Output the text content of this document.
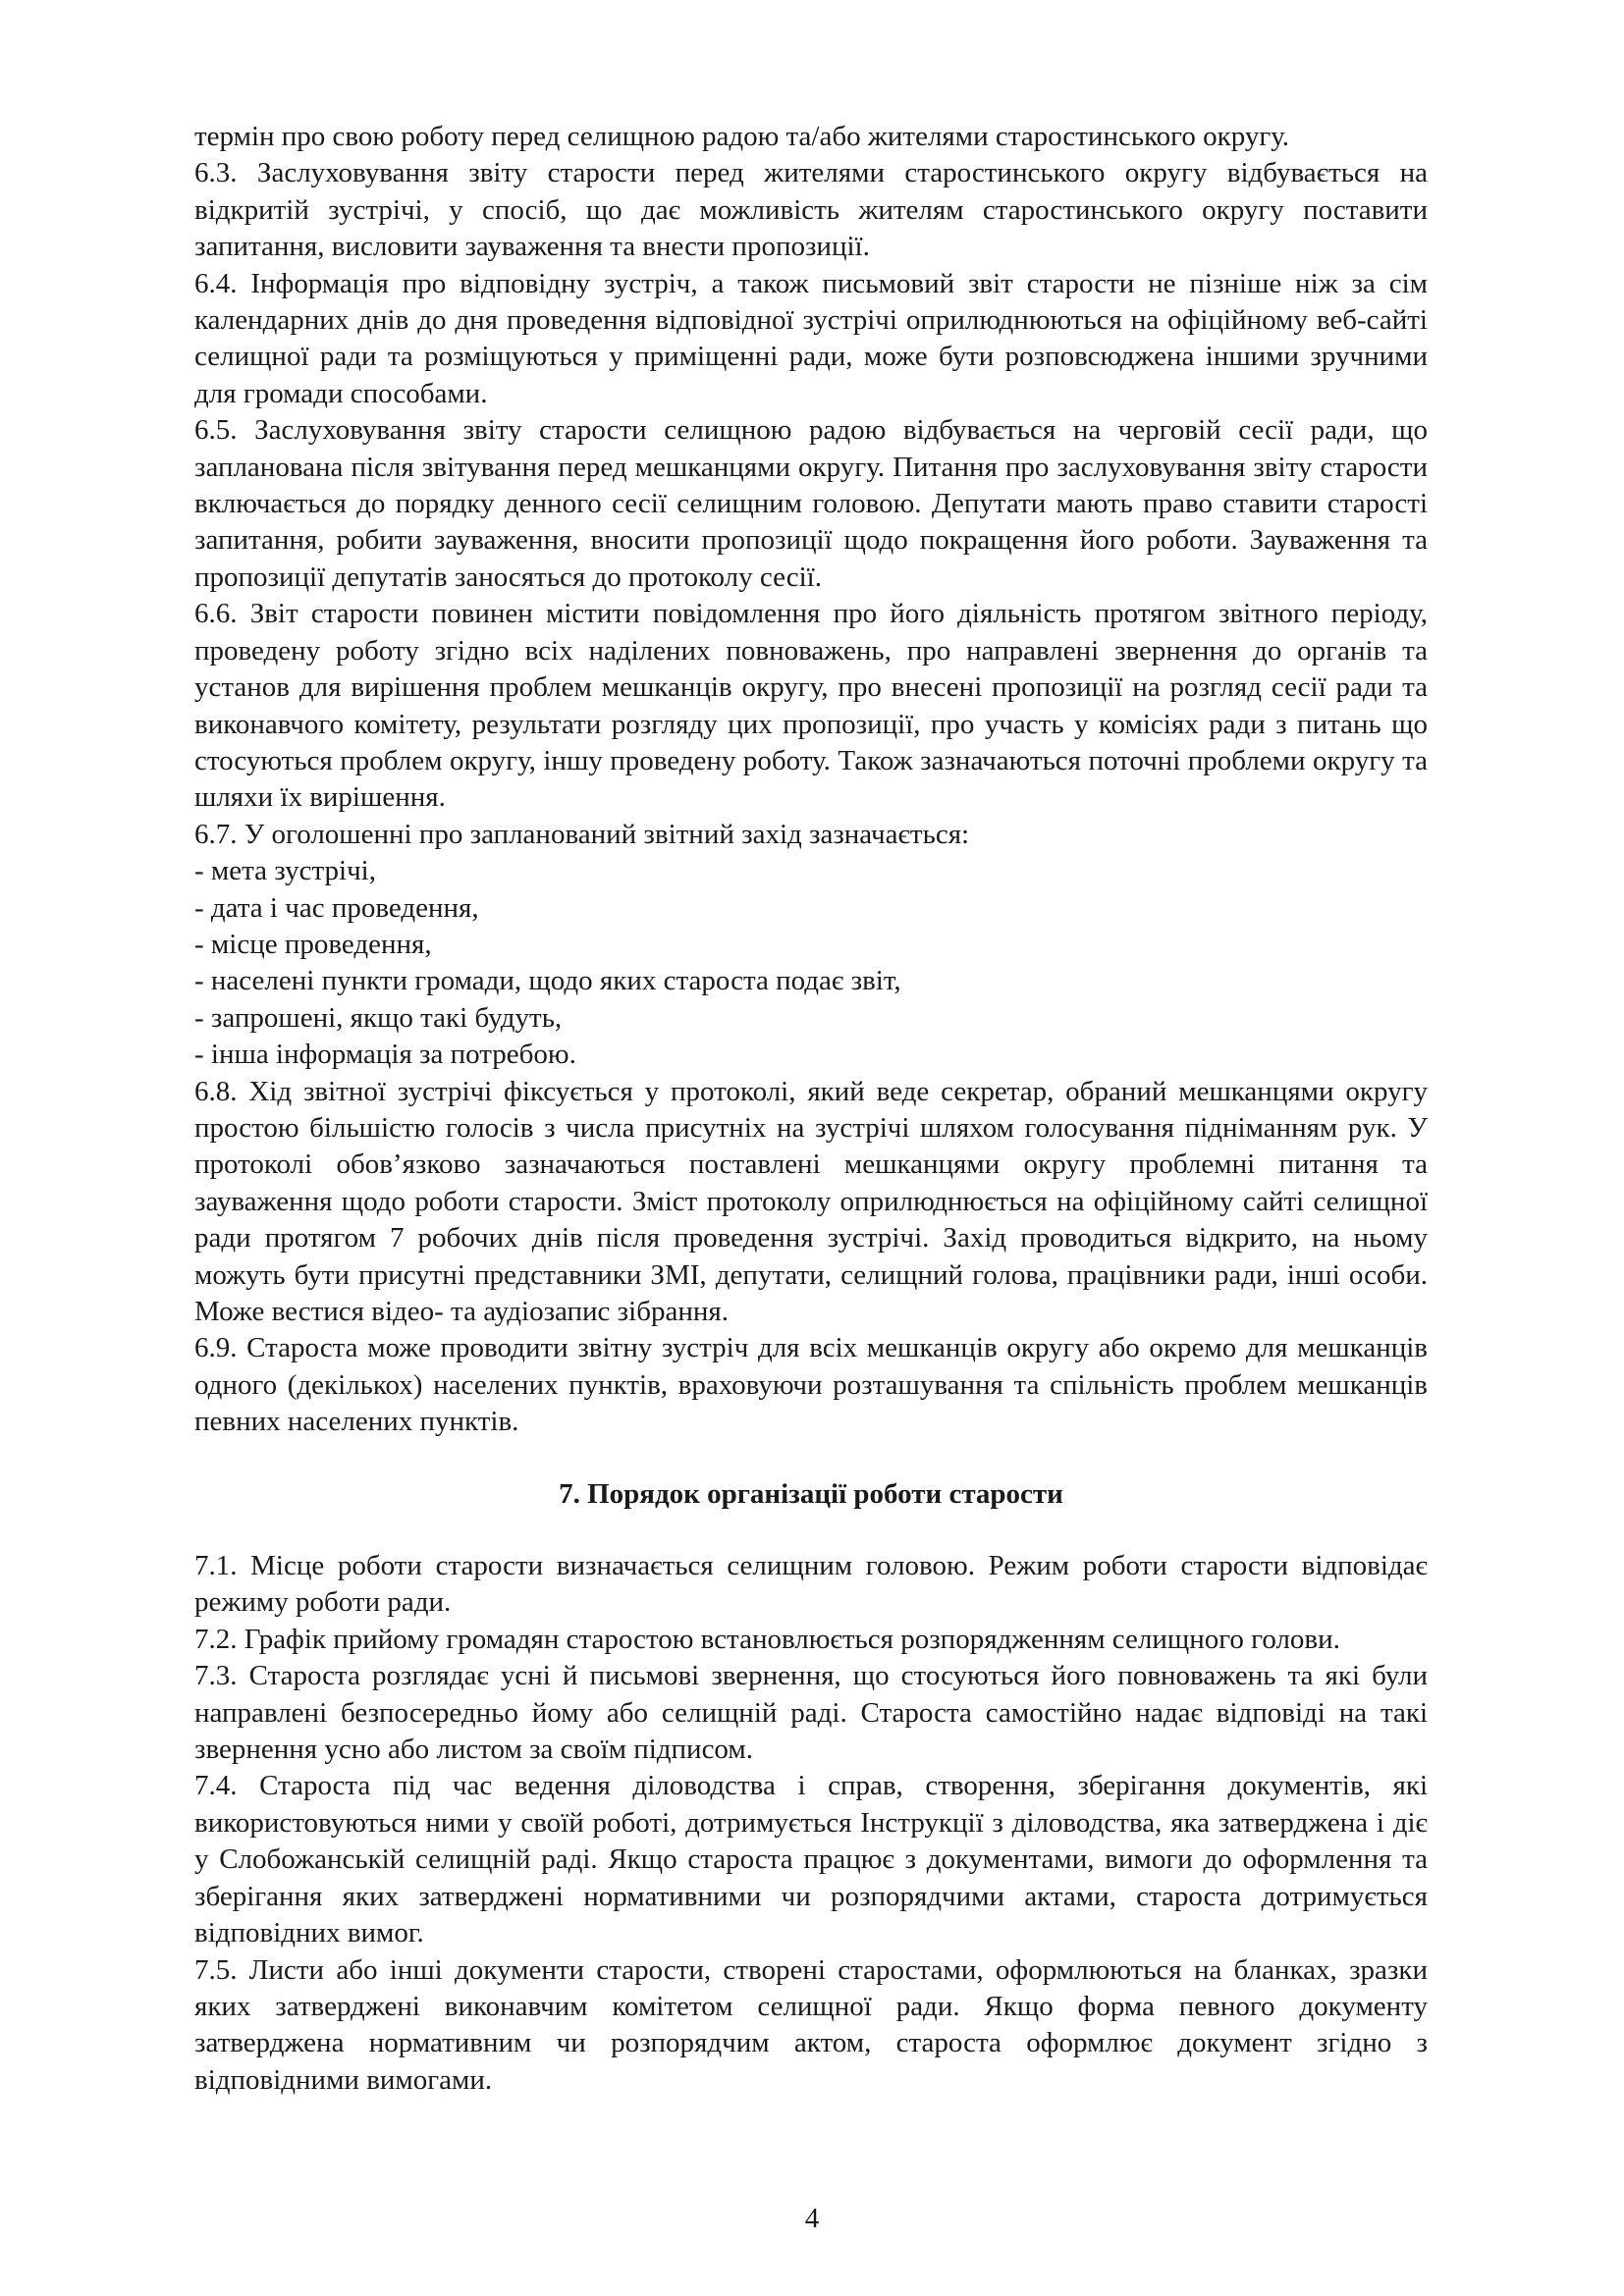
термін про свою роботу перед селищною радою та/або жителями старостинського округу.

6.3. Заслуховування звіту старости перед жителями старостинського округу відбувається на відкритій зустрічі, у спосіб, що дає можливість жителям старостинського округу поставити запитання, висловити зауваження та внести пропозиції.

6.4. Інформація про відповідну зустріч, а також письмовий звіт старости не пізніше ніж за сім календарних днів до дня проведення відповідної зустрічі оприлюднюються на офіційному веб-сайті селищної ради та розміщуються у приміщенні ради, може бути розповсюджена іншими зручними для громади способами.

6.5. Заслуховування звіту старости селищною радою відбувається на черговій сесії ради, що запланована після звітування перед мешканцями округу. Питання про заслуховування звіту старости включається до порядку денного сесії селищним головою. Депутати мають право ставити старості запитання, робити зауваження, вносити пропозиції щодо покращення його роботи. Зауваження та пропозиції депутатів заносяться до протоколу сесії.

6.6. Звіт старости повинен містити повідомлення про його діяльність протягом звітного періоду, проведену роботу згідно всіх наділених повноважень, про направлені звернення до органів та установ для вирішення проблем мешканців округу, про внесені пропозиції на розгляд сесії ради та виконавчого комітету, результати розгляду цих пропозиції, про участь у комісіях ради з питань що стосуються проблем округу, іншу проведену роботу. Також зазначаються поточні проблеми округу та шляхи їх вирішення.

6.7. У оголошенні про запланований звітний захід зазначається:

- мета зустрічі,

- дата і час проведення,

- місце проведення,

- населені пункти громади, щодо яких староста подає звіт,

- запрошені, якщо такі будуть,

- інша інформація за потребою.

6.8. Хід звітної зустрічі фіксується у протоколі, який веде секретар, обраний мешканцями округу простою більшістю голосів з числа присутніх на зустрічі шляхом голосування підніманням рук. У протоколі обов’язково зазначаються поставлені мешканцями округу проблемні питання та зауваження щодо роботи старости. Зміст протоколу оприлюднюється на офіційному сайті селищної ради протягом 7 робочих днів після проведення зустрічі. Захід проводиться відкрито, на ньому можуть бути присутні представники ЗМІ, депутати, селищний голова, працівники ради, інші особи. Може вестися відео- та аудіозапис зібрання.

6.9. Староста може проводити звітну зустріч для всіх мешканців округу або окремо для мешканців одного (декількох) населених пунктів, враховуючи розташування та спільність проблем мешканців певних населених пунктів.

7. Порядок організації роботи старости

7.1. Місце роботи старости визначається селищним головою. Режим роботи старости відповідає режиму роботи ради.

7.2. Графік прийому громадян старостою встановлюється розпорядженням селищного голови.

7.3. Староста розглядає усні й письмові звернення, що стосуються його повноважень та які були направлені безпосередньо йому або селищній раді. Староста самостійно надає відповіді на такі звернення усно або листом за своїм підписом.

7.4. Староста під час ведення діловодства і справ, створення, зберігання документів, які використовуються ними у своїй роботі, дотримується Інструкції з діловодства, яка затверджена і діє у Слобожанській селищній раді. Якщо староста працює з документами, вимоги до оформлення та зберігання яких затверджені нормативними чи розпорядчими актами, староста дотримується відповідних вимог.

7.5. Листи або інші документи старости, створені старостами, оформлюються на бланках, зразки яких затверджені виконавчим комітетом селищної ради. Якщо форма певного документу затверджена нормативним чи розпорядчим актом, староста оформлює документ згідно з відповідними вимогами.

4
